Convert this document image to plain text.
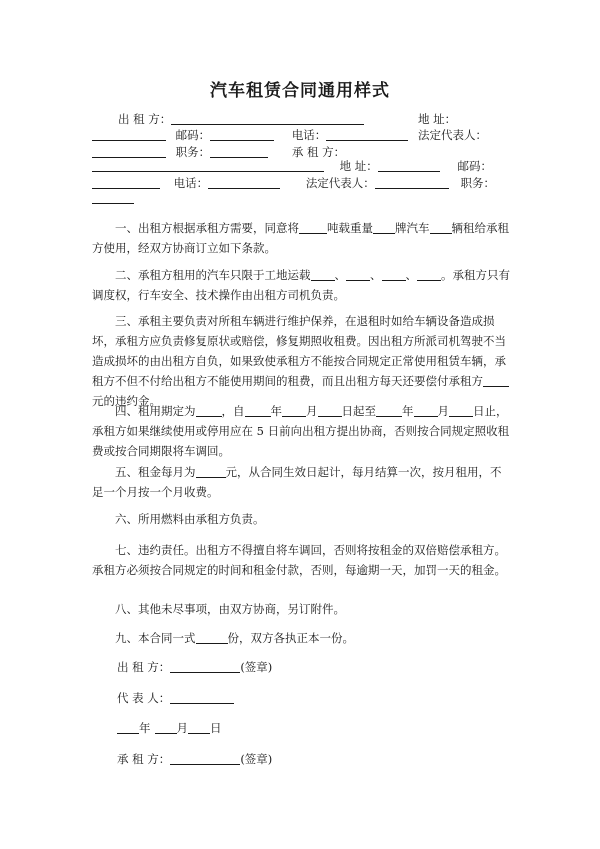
汽车租赁合同通用样式
出 租 方：	地 址：
邮码：	电话：	法定代表人：
职务：	承 租 方：
地 址：	邮码：
电话：	法定代表人：	职务：

一、出租方根据承租方需要，同意将 吨载重量 牌汽车 辆租给承租方使用，经双方协商订立如下条款。

二、承租方租用的汽车只限于工地运载 、 、 、 。承租方只有调度权，行车安全、技术操作由出租方司机负责。

三、承租主要负责对所租车辆进行维护保养，在退租时如给车辆设备造成损坏，承租方应负责修复原状或赔偿，修复期照收租费。因出租方所派司机驾驶不当造成损坏的由出租方自负，如果致使承租方不能按合同规定正常使用租赁车辆，承租方不但不付给出租方不能使用期间的租费，而且出租方每天还要偿付承租方元的违约金。

四、租用期定为 ，自 年 月 日起至 年 月 日止，承租方如果继续使用或停用应在 5 日前向出租方提出协商，否则按合同规定照收租费或按合同期限将车调回。

五、租金每月为	元，从合同生效日起计，每月结算一次，按月租用，不足一个月按一个月收费。

六、所用燃料由承租方负责。

七、违约责任。出租方不得擅自将车调回，否则将按租金的双倍赔偿承租方。承租方必须按合同规定的时间和租金付款，否则，每逾期一天，加罚一天的租金。

八、其他未尽事项，由双方协商，另订附件。

九、本合同一式	份，双方各执正本一份。

出 租 方：	(签章)
代 表 人：
年 月 日
承 租 方：	(签章)
